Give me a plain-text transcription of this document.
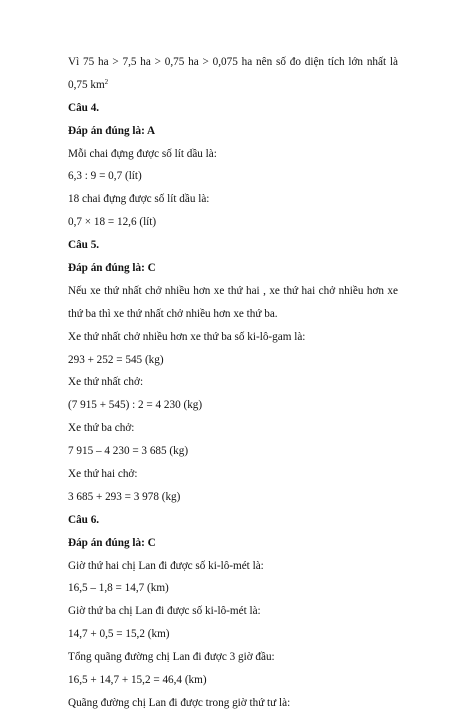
Vì 75 ha > 7,5 ha > 0,75 ha > 0,075 ha nên số đo diện tích lớn nhất là
0,75 $km^2$
Câu 4.
Đáp án đúng là: A
Mỗi chai đựng được số lít dầu là:
6,3 : 9 = 0,7 (lít)
18 chai đựng được số lít dầu là:
0,7 × 18 = 12,6 (lít)
Câu 5.
Đáp án đúng là: C
Nếu xe thứ nhất chở nhiều hơn xe thứ hai , xe thứ hai chở nhiều hơn xe
thứ ba thì xe thứ nhất chở nhiều hơn xe thứ ba.
Xe thứ nhất chở nhiều hơn xe thứ ba số ki-lô-gam là:
293 + 252 = 545 (kg)
Xe thứ nhất chở:
(7 915 + 545) : 2 = 4 230 (kg)
Xe thứ ba chở:
7 915 – 4 230 = 3 685 (kg)
Xe thứ hai chở:
3 685 + 293 = 3 978 (kg)
Câu 6.
Đáp án đúng là: C
Giờ thứ hai chị Lan đi được số ki-lô-mét là:
16,5 – 1,8 = 14,7 (km)
Giờ thứ ba chị Lan đi được số ki-lô-mét là:
14,7 + 0,5 = 15,2 (km)
Tổng quãng đường chị Lan đi được 3 giờ đầu:
16,5 + 14,7 + 15,2 = 46,4 (km)
Quãng đường chị Lan đi được trong giờ thứ tư là:
